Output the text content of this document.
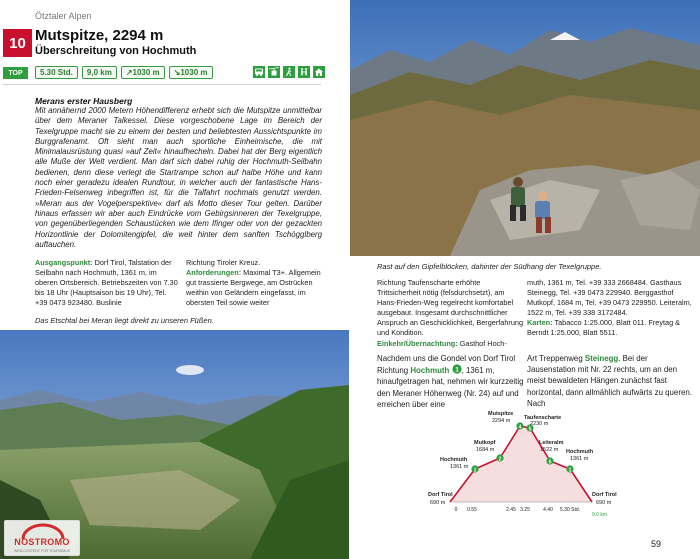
Ötztaler Alpen
10 Mutspitze, 2294 m
Überschreitung von Hochmuth
TOP	5.30 Std.	9,0 km	↗1030 m	↘1030 m
Merans erster Hausberg
Mit annähernd 2000 Metern Höhendifferenz erhebt sich die Mutspitze unmittelbar über dem Meraner Talkessel. Diese vorgeschobene Lage im Bereich der Texelgruppe macht sie zu einem der besten und beliebtesten Aussichtspunkte im Burggrafenamt. Oft sieht man auch sportliche Einheimische, die mit Minimalausrüstung quasi »auf Zeit« hinaufhecheln. Dabei hat der Berg eigentlich alle Muße der Welt verdient. Man darf sich dabei ruhig der Hochmuth-Seilbahn bedienen, denn diese verlegt die Startrampe schon auf halbe Höhe und kann noch einer geradezu idealen Rundtour, in welcher auch der fantastische Hans-Frieden-Felsenweg inbegriffen ist, für die Talfahrt nochmals genutzt werden. »Meran aus der Vogelperspektive« darf als Motto dieser Tour gelten. Darüber hinaus erfassen wir aber auch Eindrücke vom Gebirgsinneren der Texelgruppe, von gegenüberliegenden Schaustücken wie dem Ifinger oder von der gezackten Horizontlinie der Dolomitengipfel, die weit hinter dem sanften Tschögglberg auftauchen.
Ausgangspunkt: Dorf Tirol, Talstation der Seilbahn nach Hochmuth, 1361 m, im oberen Ortsbereich. Betriebszeiten von 7.30 bis 18 Uhr (Hauptsaison bis 19 Uhr), Tel. +39 0473 923480. Buslinie
Richtung Tiroler Kreuz.
Anforderungen: Maximal T3+. Allgemein gut trassierte Bergwege, am Ostrücken weithin von Geländern eingefasst, im obersten Teil sowie weiter
Das Etschtal bei Meran liegt direkt zu unseren Füßen.
NOSTROMO
WEB-CONTENT FÜR TOURISMUS
Rast auf den Gipfelblöcken, dahinter der Südhang der Texelgruppe.
Richtung Taufenscharte erhöhte Trittsicherheit nötig (felsdurchsetzt), am Hans-Frieden-Weg regelrecht komfortabel ausgebaut. Insgesamt durchschnittlicher Anspruch an Geschicklichkeit, Bergerfahrung und Kondition.
Einkehr/Übernachtung: Gasthof Hoch-
muth, 1361 m, Tel. +39 333 2668484. Gasthaus Steinegg, Tel. +39 0473 229940. Berggasthof Mutkopf, 1684 m, Tel. +39 0473 229950. Leiteralm, 1522 m, Tel. +39 338 3172484.
Karten: Tabacco 1:25.000, Blatt 011. Freytag & Berndt 1:25.000, Blatt 5511.
Nachdem uns die Gondel von Dorf Tirol Richtung Hochmuth 1 , 1361 m, hinaufgetragen hat, nehmen wir kurzzeitig den Meraner Höhenweg (Nr. 24) auf und erreichen über eine
Art Treppenweg Steinegg. Bei der Jausenstation mit Nr. 22 rechts, um an den meist bewaldeten Hängen zunächst fast horizontal, dann allmählich aufwärts zu queren. Nach
1
2
4 5
6
1
Dorf Tirol
690 m
Hochmuth
1361 m
Mutkopf
1684 m
Mutspitze
2294 m Taufenscharte
2230 m
Leiteralm
1522 m Hochmuth
1361 m
Dorf Tirol
690 m
0 0.55	2.45 3.25	4.40 5.30 Std.
9.0 km
59
